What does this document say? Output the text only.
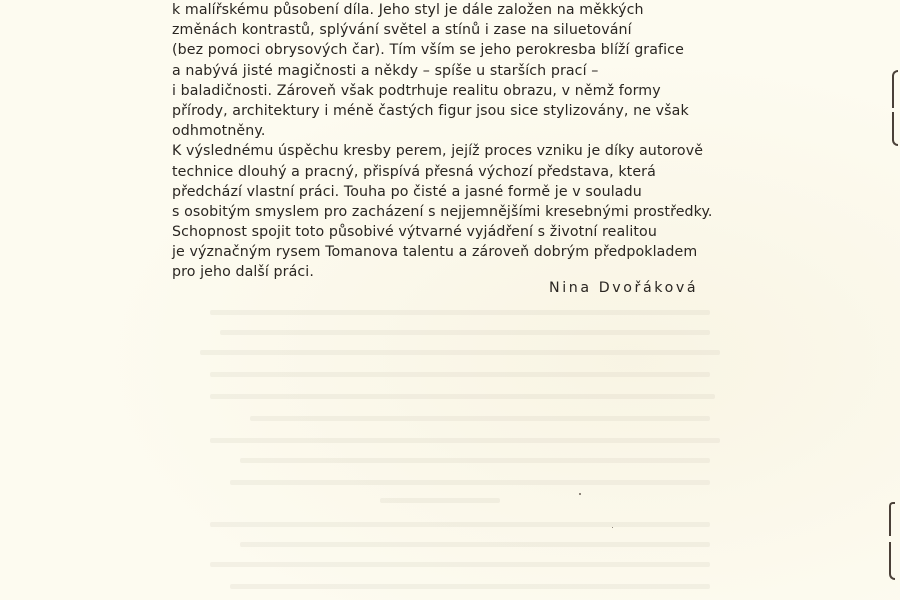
k malířskému působení díla. Jeho styl je dále založen na měkkých
změnách kontrastů, splývání světel a stínů i zase na siluetování
(bez pomoci obrysových čar). Tím vším se jeho perokresba blíží grafice
a nabývá jisté magičnosti a někdy – spíše u starších prací –
i baladičnosti. Zároveň však podtrhuje realitu obrazu, v němž formy
přírody, architektury i méně častých figur jsou sice stylizovány, ne však
odhmotněny.
K výslednému úspěchu kresby perem, jejíž proces vzniku je díky autorově
technice dlouhý a pracný, přispívá přesná výchozí představa, která
předchází vlastní práci. Touha po čisté a jasné formě je v souladu
s osobitým smyslem pro zacházení s nejjemnějšími kresebnými prostředky.
Schopnost spojit toto působivé výtvarné vyjádření s životní realitou
je význačným rysem Tomanova talentu a zároveň dobrým předpokladem
pro jeho další práci.
Nina Dvořáková
